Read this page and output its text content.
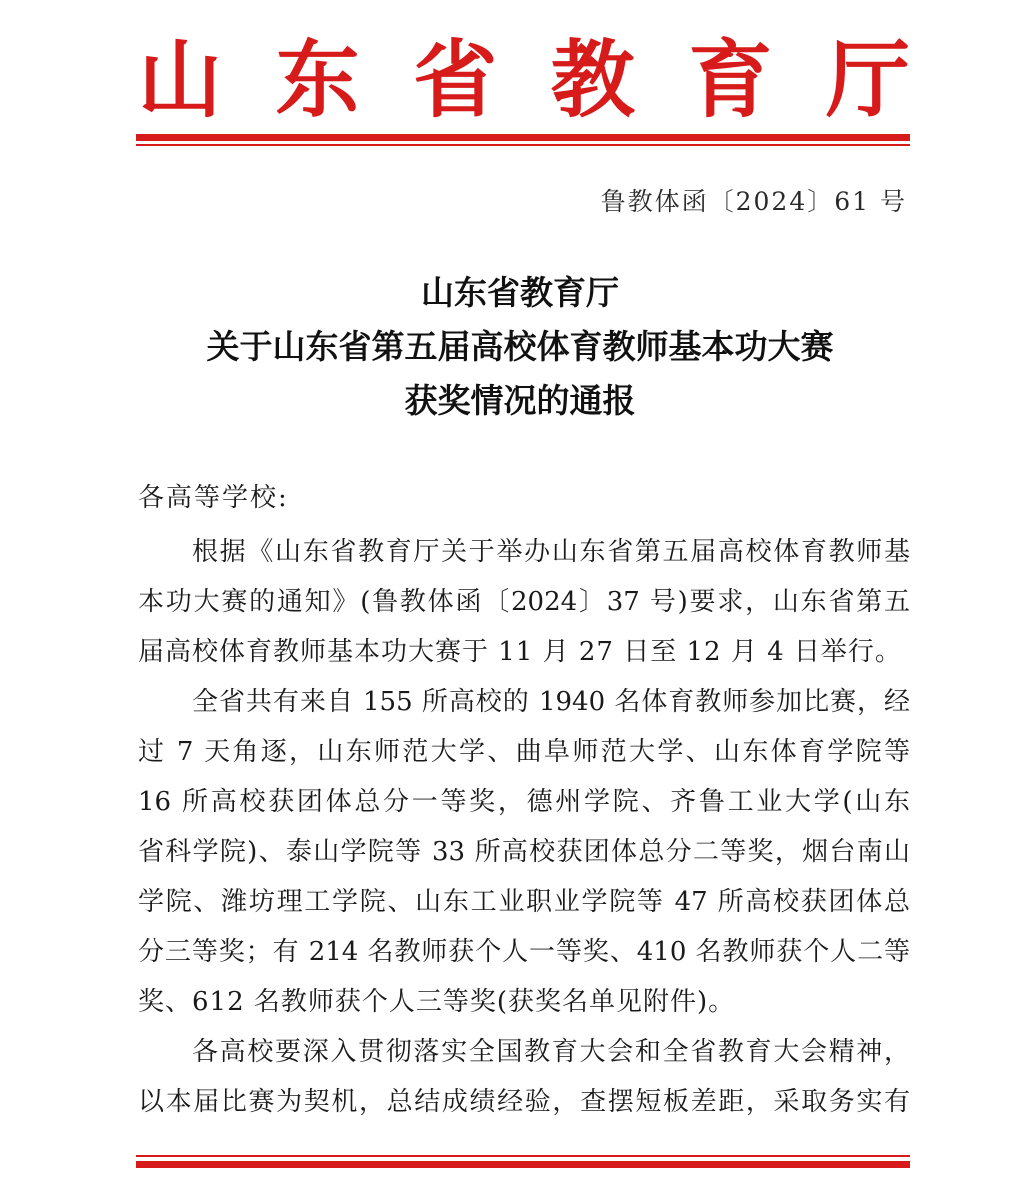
山 东 省 教 育 厅
鲁教体函〔2024〕61 号
山东省教育厅
关于山东省第五届高校体育教师基本功大赛
获奖情况的通报
各高等学校:
根据《山东省教育厅关于举办山东省第五届高校体育教师基
本功大赛的通知》(鲁教体函〔2024〕37 号)要求，山东省第五
届高校体育教师基本功大赛于 11 月 27 日至 12 月 4 日举行。
全省共有来自 155 所高校的 1940 名体育教师参加比赛，经
过 7 天角逐，山东师范大学、曲阜师范大学、山东体育学院等
16 所高校获团体总分一等奖，德州学院、齐鲁工业大学(山东
省科学院)、泰山学院等 33 所高校获团体总分二等奖，烟台南山
学院、潍坊理工学院、山东工业职业学院等 47 所高校获团体总
分三等奖；有 214 名教师获个人一等奖、410 名教师获个人二等
奖、612 名教师获个人三等奖(获奖名单见附件)。
各高校要深入贯彻落实全国教育大会和全省教育大会精神，
以本届比赛为契机，总结成绩经验，查摆短板差距，采取务实有
